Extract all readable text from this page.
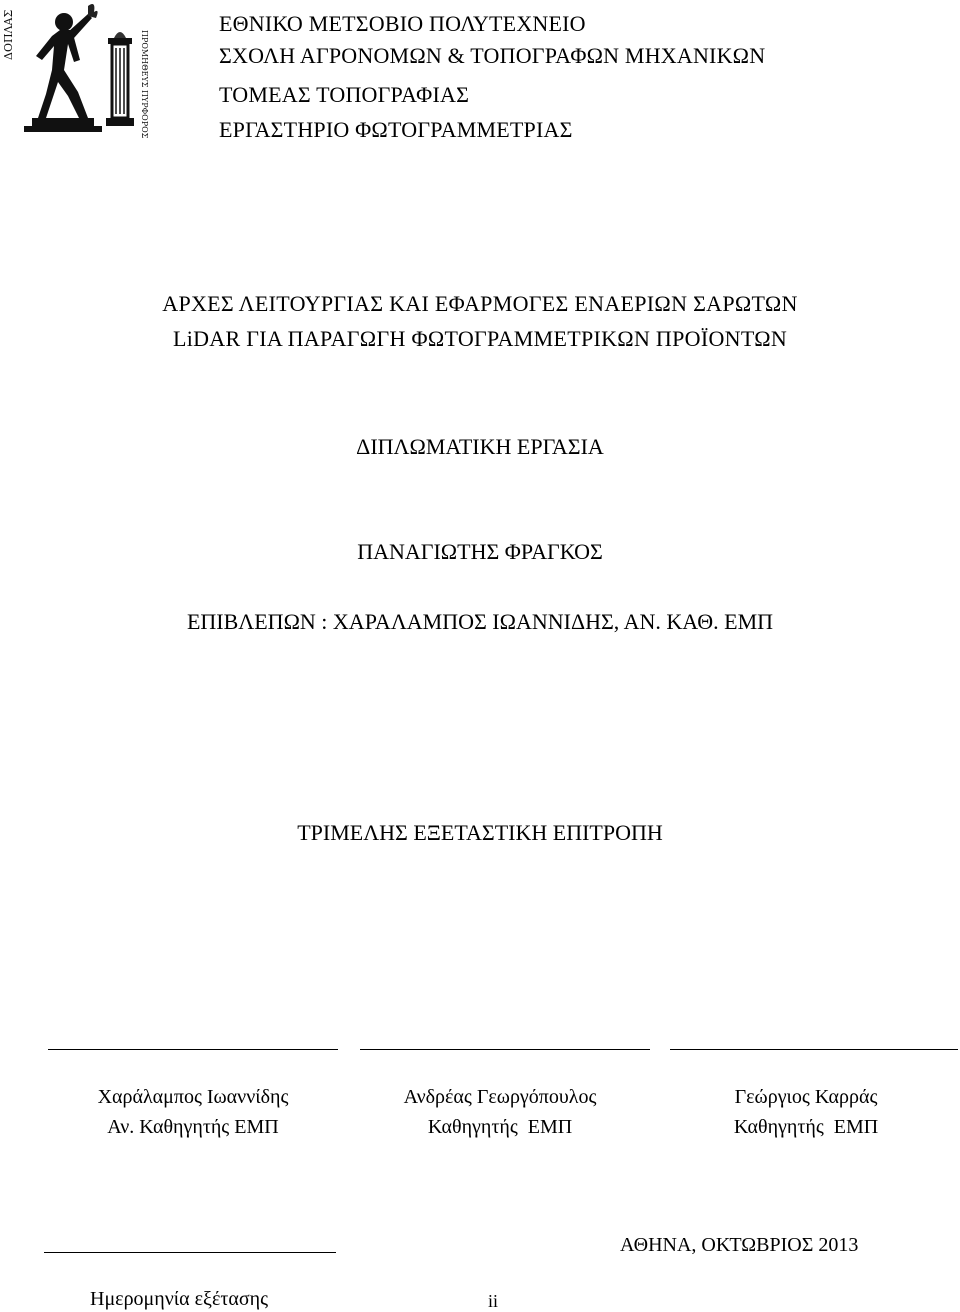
ΔΟΠΛΑΣ	ΠΡΟΜΗΘΕΥΣ ΠΥΡΦΟΡΟΣ
ΕΘΝΙΚΟ ΜΕΤΣΟΒΙΟ ΠΟΛΥΤΕΧΝΕΙΟ
ΣΧΟΛΗ ΑΓΡΟΝΟΜΩΝ & ΤΟΠΟΓΡΑΦΩΝ ΜΗΧΑΝΙΚΩΝ
ΤΟΜΕΑΣ ΤΟΠΟΓΡΑΦΙΑΣ
ΕΡΓΑΣΤΗΡΙΟ ΦΩΤΟΓΡΑΜΜΕΤΡΙΑΣ
ΑΡΧΕΣ ΛΕΙΤΟΥΡΓΙΑΣ ΚΑΙ ΕΦΑΡΜΟΓΕΣ ΕΝΑΕΡΙΩΝ ΣΑΡΩΤΩΝ
LiDAR ΓΙΑ ΠΑΡΑΓΩΓΗ ΦΩΤΟΓΡΑΜΜΕΤΡΙΚΩΝ ΠΡΟΪΟΝΤΩΝ
ΔΙΠΛΩΜΑΤΙΚΗ ΕΡΓΑΣΙΑ
ΠΑΝΑΓΙΩΤΗΣ ΦΡΑΓΚΟΣ
ΕΠΙΒΛΕΠΩΝ : ΧΑΡΑΛΑΜΠΟΣ ΙΩΑΝΝΙΔΗΣ, ΑΝ. ΚΑΘ. ΕΜΠ
ΤΡΙΜΕΛΗΣ ΕΞΕΤΑΣΤΙΚΗ ΕΠΙΤΡΟΠΗ
Χαράλαμπος Ιωαννίδης
Αν. Καθηγητής ΕΜΠ
Ανδρέας Γεωργόπουλος
Καθηγητής  ΕΜΠ
Γεώργιος Καρράς
Καθηγητής  ΕΜΠ
ΑΘΗΝΑ, ΟΚΤΩΒΡΙΟΣ 2013
Ημερομηνία εξέτασης	ii
